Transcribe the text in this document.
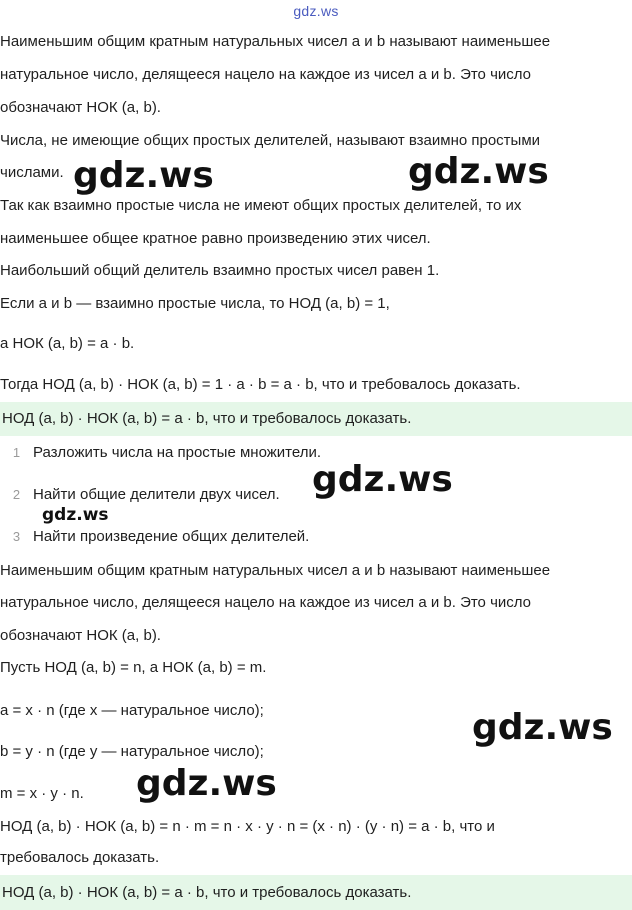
gdz.ws
Наименьшим общим кратным натуральных чисел a и b называют наименьшее
натуральное число, делящееся нацело на каждое из чисел a и b. Это число
обозначают НОК (a, b).
Числа, не имеющие общих простых делителей, называют взаимно простыми
числами.
Так как взаимно простые числа не имеют общих простых делителей, то их
наименьшее общее кратное равно произведению этих чисел.
Наибольший общий делитель взаимно простых чисел равен 1.
Если a и b — взаимно простые числа, то НОД (a, b) = 1,
а НОК (a, b) = a · b.
Тогда НОД (a, b) · НОК (a, b) = 1 · a · b = a · b, что и требовалось доказать.
НОД (a, b) · НОК (a, b) = a · b, что и требовалось доказать.
1 Разложить числа на простые множители.
2 Найти общие делители двух чисел.
3 Найти произведение общих делителей.
Наименьшим общим кратным натуральных чисел a и b называют наименьшее
натуральное число, делящееся нацело на каждое из чисел a и b. Это число
обозначают НОК (a, b).
Пусть НОД (a, b) = n, а НОК (a, b) = m.
a = x · n (где x — натуральное число);
b = y · n (где y — натуральное число);
m = x · y · n.
НОД (a, b) · НОК (a, b) = n · m = n · x · y · n = (x · n) · (y · n) = a · b, что и
требовалось доказать.
НОД (a, b) · НОК (a, b) = a · b, что и требовалось доказать.
gdz.ws	gdz.ws
gdz.ws
gdz.ws
gdz.ws
gdz.ws
